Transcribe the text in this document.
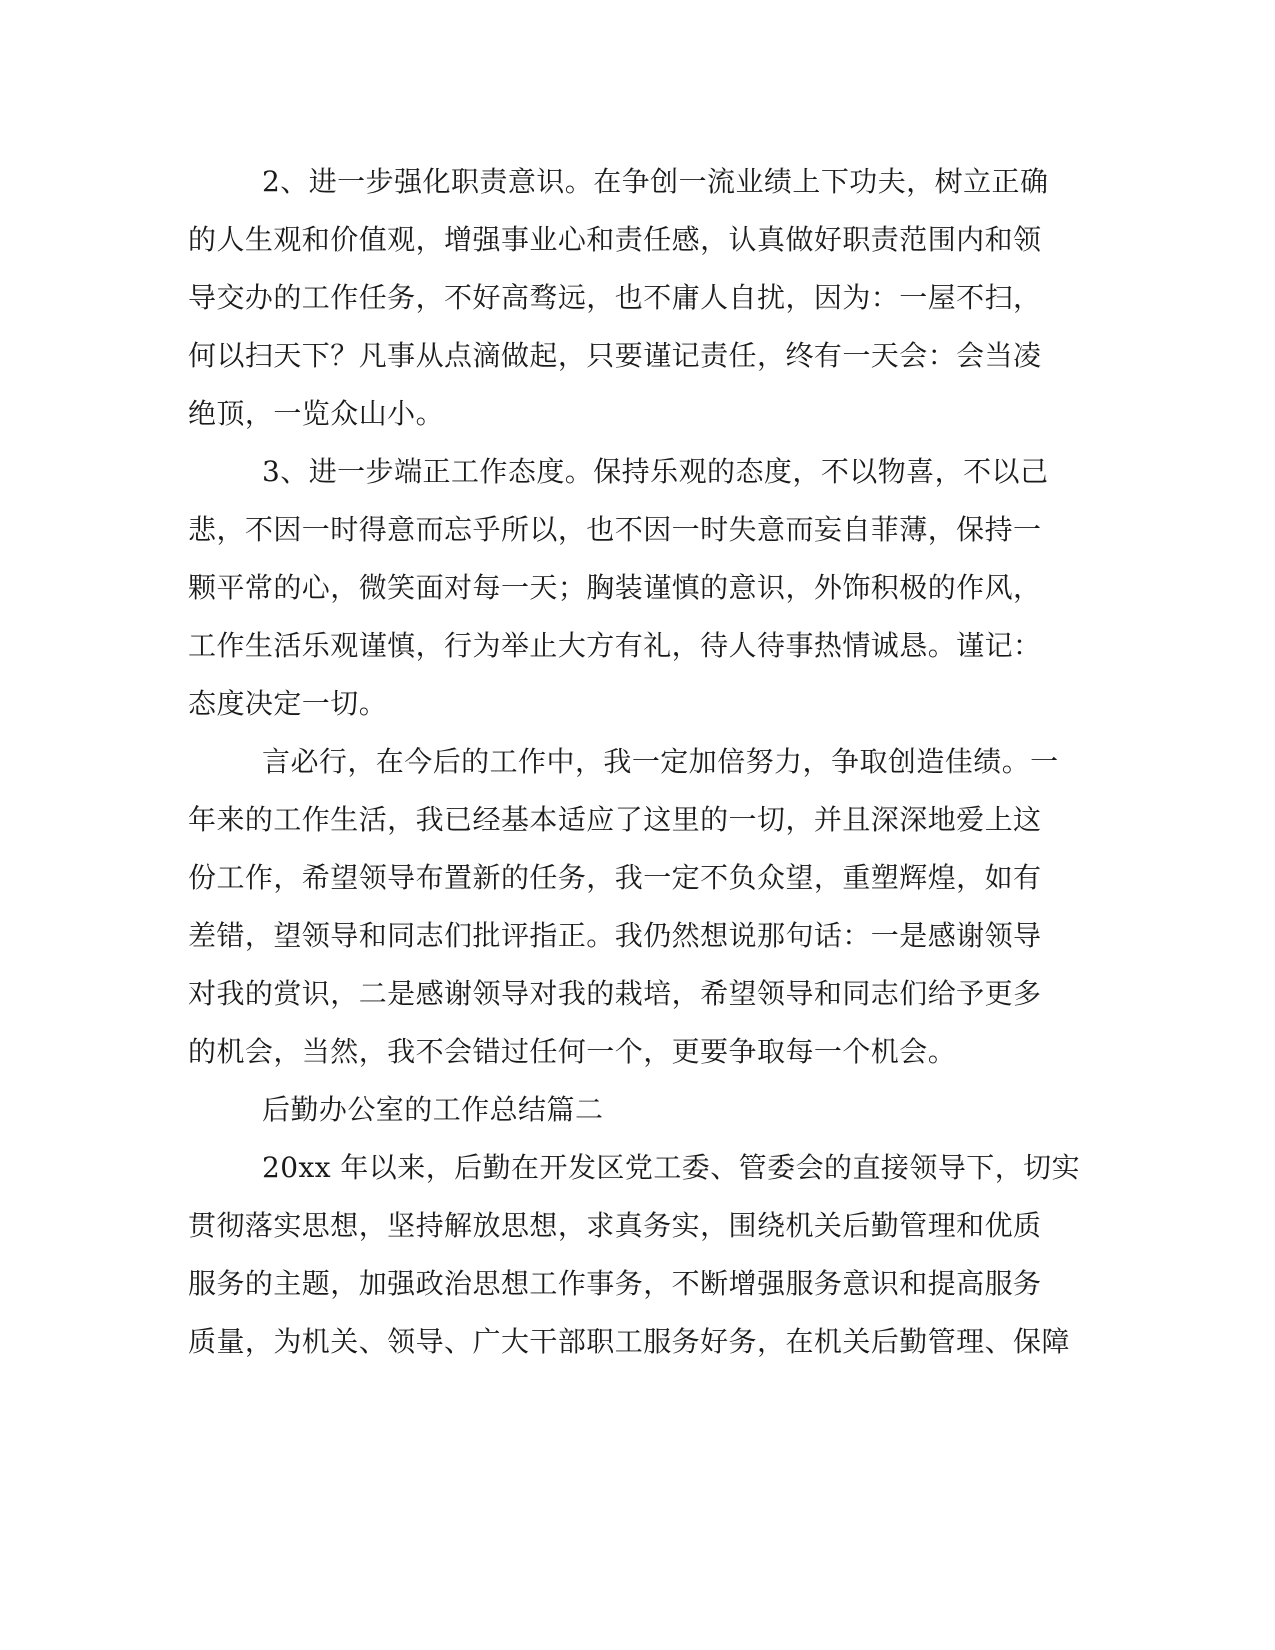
2、进一步强化职责意识。在争创一流业绩上下功夫，树立正确
的人生观和价值观，增强事业心和责任感，认真做好职责范围内和领
导交办的工作任务，不好高骛远，也不庸人自扰，因为：一屋不扫，
何以扫天下？凡事从点滴做起，只要谨记责任，终有一天会：会当凌
绝顶，一览众山小。
3、进一步端正工作态度。保持乐观的态度，不以物喜，不以己
悲，不因一时得意而忘乎所以，也不因一时失意而妄自菲薄，保持一
颗平常的心，微笑面对每一天；胸装谨慎的意识，外饰积极的作风，
工作生活乐观谨慎，行为举止大方有礼，待人待事热情诚恳。谨记：
态度决定一切。
言必行，在今后的工作中，我一定加倍努力，争取创造佳绩。一
年来的工作生活，我已经基本适应了这里的一切，并且深深地爱上这
份工作，希望领导布置新的任务，我一定不负众望，重塑辉煌，如有
差错，望领导和同志们批评指正。我仍然想说那句话：一是感谢领导
对我的赏识，二是感谢领导对我的栽培，希望领导和同志们给予更多
的机会，当然，我不会错过任何一个，更要争取每一个机会。
后勤办公室的工作总结篇二
20xx 年以来，后勤在开发区党工委、管委会的直接领导下，切实
贯彻落实思想，坚持解放思想，求真务实，围绕机关后勤管理和优质
服务的主题，加强政治思想工作事务，不断增强服务意识和提高服务
质量，为机关、领导、广大干部职工服务好务，在机关后勤管理、保障
